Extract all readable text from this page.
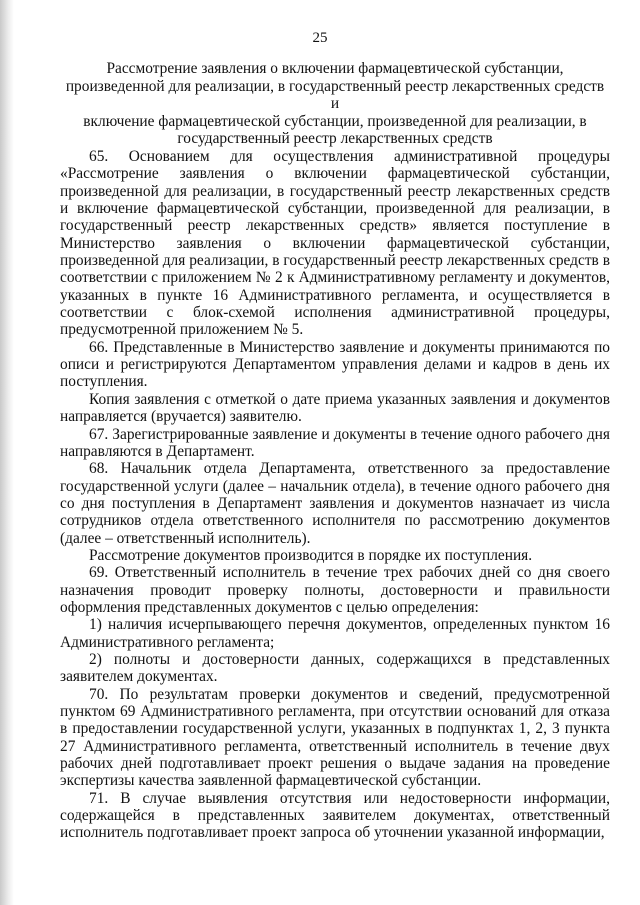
25
Рассмотрение заявления о включении фармацевтической субстанции,
произведенной для реализации, в государственный реестр лекарственных средств и
включение фармацевтической субстанции, произведенной для реализации, в
государственный реестр лекарственных средств

65. Основанием для осуществления административной процедуры «Рассмотрение заявления о включении фармацевтической субстанции, произведенной для реализации, в государственный реестр лекарственных средств и включение фармацевтической субстанции, произведенной для реализации, в государственный реестр лекарственных средств» является поступление в Министерство заявления о включении фармацевтической субстанции, произведенной для реализации, в государственный реестр лекарственных средств в соответствии с приложением № 2 к Административному регламенту и документов, указанных в пункте 16 Административного регламента, и осуществляется в соответствии с блок-схемой исполнения административной процедуры, предусмотренной приложением № 5.

66. Представленные в Министерство заявление и документы принимаются по описи и регистрируются Департаментом управления делами и кадров в день их поступления.

Копия заявления с отметкой о дате приема указанных заявления и документов направляется (вручается) заявителю.

67. Зарегистрированные заявление и документы в течение одного рабочего дня направляются в Департамент.

68. Начальник отдела Департамента, ответственного за предоставление государственной услуги (далее – начальник отдела), в течение одного рабочего дня со дня поступления в Департамент заявления и документов назначает из числа сотрудников отдела ответственного исполнителя по рассмотрению документов (далее – ответственный исполнитель).

Рассмотрение документов производится в порядке их поступления.

69. Ответственный исполнитель в течение трех рабочих дней со дня своего назначения проводит проверку полноты, достоверности и правильности оформления представленных документов с целью определения:

1) наличия исчерпывающего перечня документов, определенных пунктом 16 Административного регламента;

2) полноты и достоверности данных, содержащихся в представленных заявителем документах.

70. По результатам проверки документов и сведений, предусмотренной пунктом 69 Административного регламента, при отсутствии оснований для отказа в предоставлении государственной услуги, указанных в подпунктах 1, 2, 3 пункта 27 Административного регламента, ответственный исполнитель в течение двух рабочих дней подготавливает проект решения о выдаче задания на проведение экспертизы качества заявленной фармацевтической субстанции.

71. В случае выявления отсутствия или недостоверности информации, содержащейся в представленных заявителем документах, ответственный исполнитель подготавливает проект запроса об уточнении указанной информации,
